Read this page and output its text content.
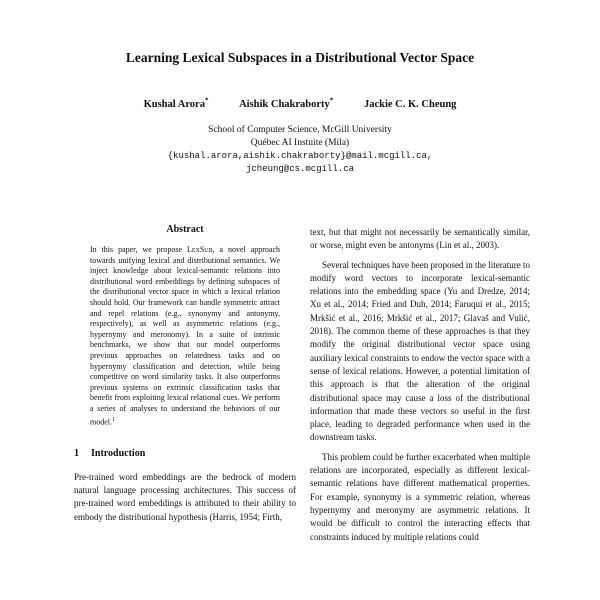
Learning Lexical Subspaces in a Distributional Vector Space
Kushal Arora*	Aishik Chakraborty*	Jackie C. K. Cheung
School of Computer Science, McGill University
Québec AI Instuite (Mila)
{kushal.arora,aishik.chakraborty}@mail.mcgill.ca,
jcheung@cs.mcgill.ca
Abstract
In this paper, we propose LexSub, a novel approach towards unifying lexical and distributional semantics. We inject knowledge about lexical-semantic relations into distributional word embeddings by defining subspaces of the distributional vector space in which a lexical relation should hold. Our framework can handle symmetric attract and repel relations (e.g., synonymy and antonymy, respectively), as well as asymmetric relations (e.g., hypernymy and meronomy). In a suite of intrinsic benchmarks, we show that our model outperforms previous approaches on relatedness tasks and on hypernymy classification and detection, while being competitive on word similarity tasks. It also outperforms previous systems on extrinsic classification tasks that benefit from exploiting lexical relational cues. We perform a series of analyses to understand the behaviors of our model.$^1$
1 Introduction

Pre-trained word embeddings are the bedrock of modern natural language processing architectures. This success of pre-trained word embeddings is attributed to their ability to embody the distributional hypothesis (Harris, 1954; Firth,

text, but that might not necessarily be semantically similar, or worse, might even be antonyms (Lin et al., 2003).

Several techniques have been proposed in the literature to modify word vectors to incorporate lexical-semantic relations into the embedding space (Yu and Dredze, 2014; Xu et al., 2014; Fried and Duh, 2014; Faruqui et al., 2015; Mrkšić et al., 2016; Mrkšić et al., 2017; Glavaš and Vulić, 2018). The common theme of these approaches is that they modify the original distributional vector space using auxiliary lexical constraints to endow the vector space with a sense of lexical relations. However, a potential limitation of this approach is that the alteration of the original distributional space may cause a loss of the distributional information that made these vectors so useful in the first place, leading to degraded performance when used in the downstream tasks.

This problem could be further exacerbated when multiple relations are incorporated, especially as different lexical-semantic relations have different mathematical properties. For example, synonymy is a symmetric relation, whereas hypernymy and meronymy are asymmetric relations. It would be difficult to control the interacting effects that constraints induced by multiple relations could
